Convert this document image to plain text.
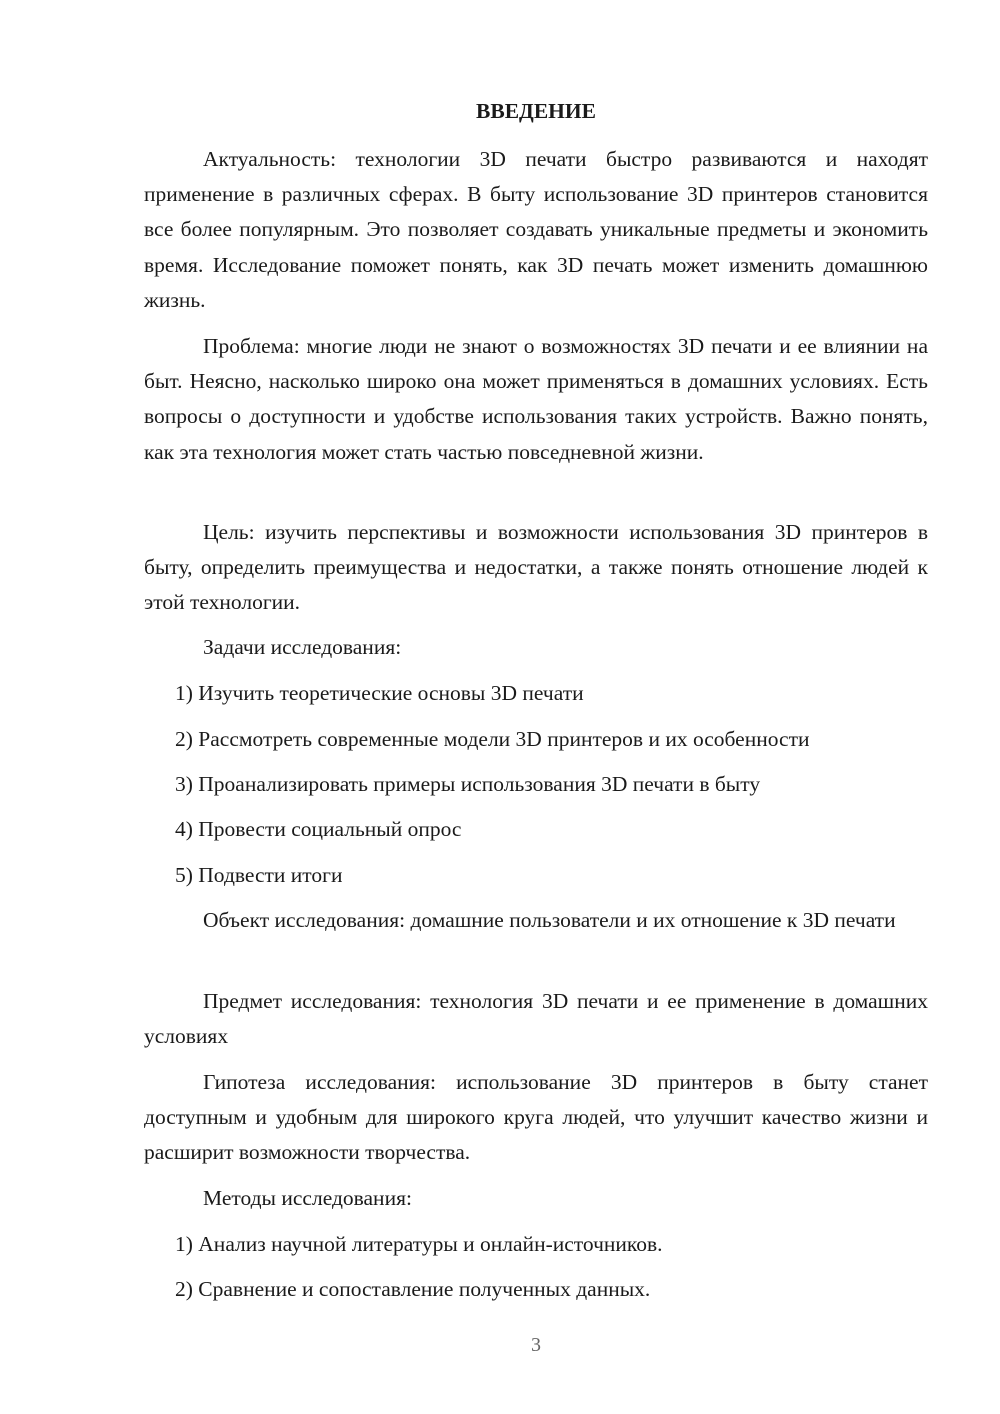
ВВЕДЕНИЕ

Актуальность: технологии 3D печати быстро развиваются и находят применение в различных сферах. В быту использование 3D принтеров становится все более популярным. Это позволяет создавать уникальные предметы и экономить время. Исследование поможет понять, как 3D печать может изменить домашнюю жизнь.

Проблема: многие люди не знают о возможностях 3D печати и ее влиянии на быт. Неясно, насколько широко она может применяться в домашних условиях. Есть вопросы о доступности и удобстве использования таких устройств. Важно понять, как эта технология может стать частью повседневной жизни.

Цель: изучить перспективы и возможности использования 3D принтеров в быту, определить преимущества и недостатки, а также понять отношение людей к этой технологии.

Задачи исследования:

1) Изучить теоретические основы 3D печати

2) Рассмотреть современные модели 3D принтеров и их особенности

3) Проанализировать примеры использования 3D печати в быту

4) Провести социальный опрос

5) Подвести итоги

Объект исследования: домашние пользователи и их отношение к 3D печати

Предмет исследования: технология 3D печати и ее применение в домашних условиях

Гипотеза исследования: использование 3D принтеров в быту станет доступным и удобным для широкого круга людей, что улучшит качество жизни и расширит возможности творчества.

Методы исследования:

1) Анализ научной литературы и онлайн-источников.

2) Сравнение и сопоставление полученных данных.

3
